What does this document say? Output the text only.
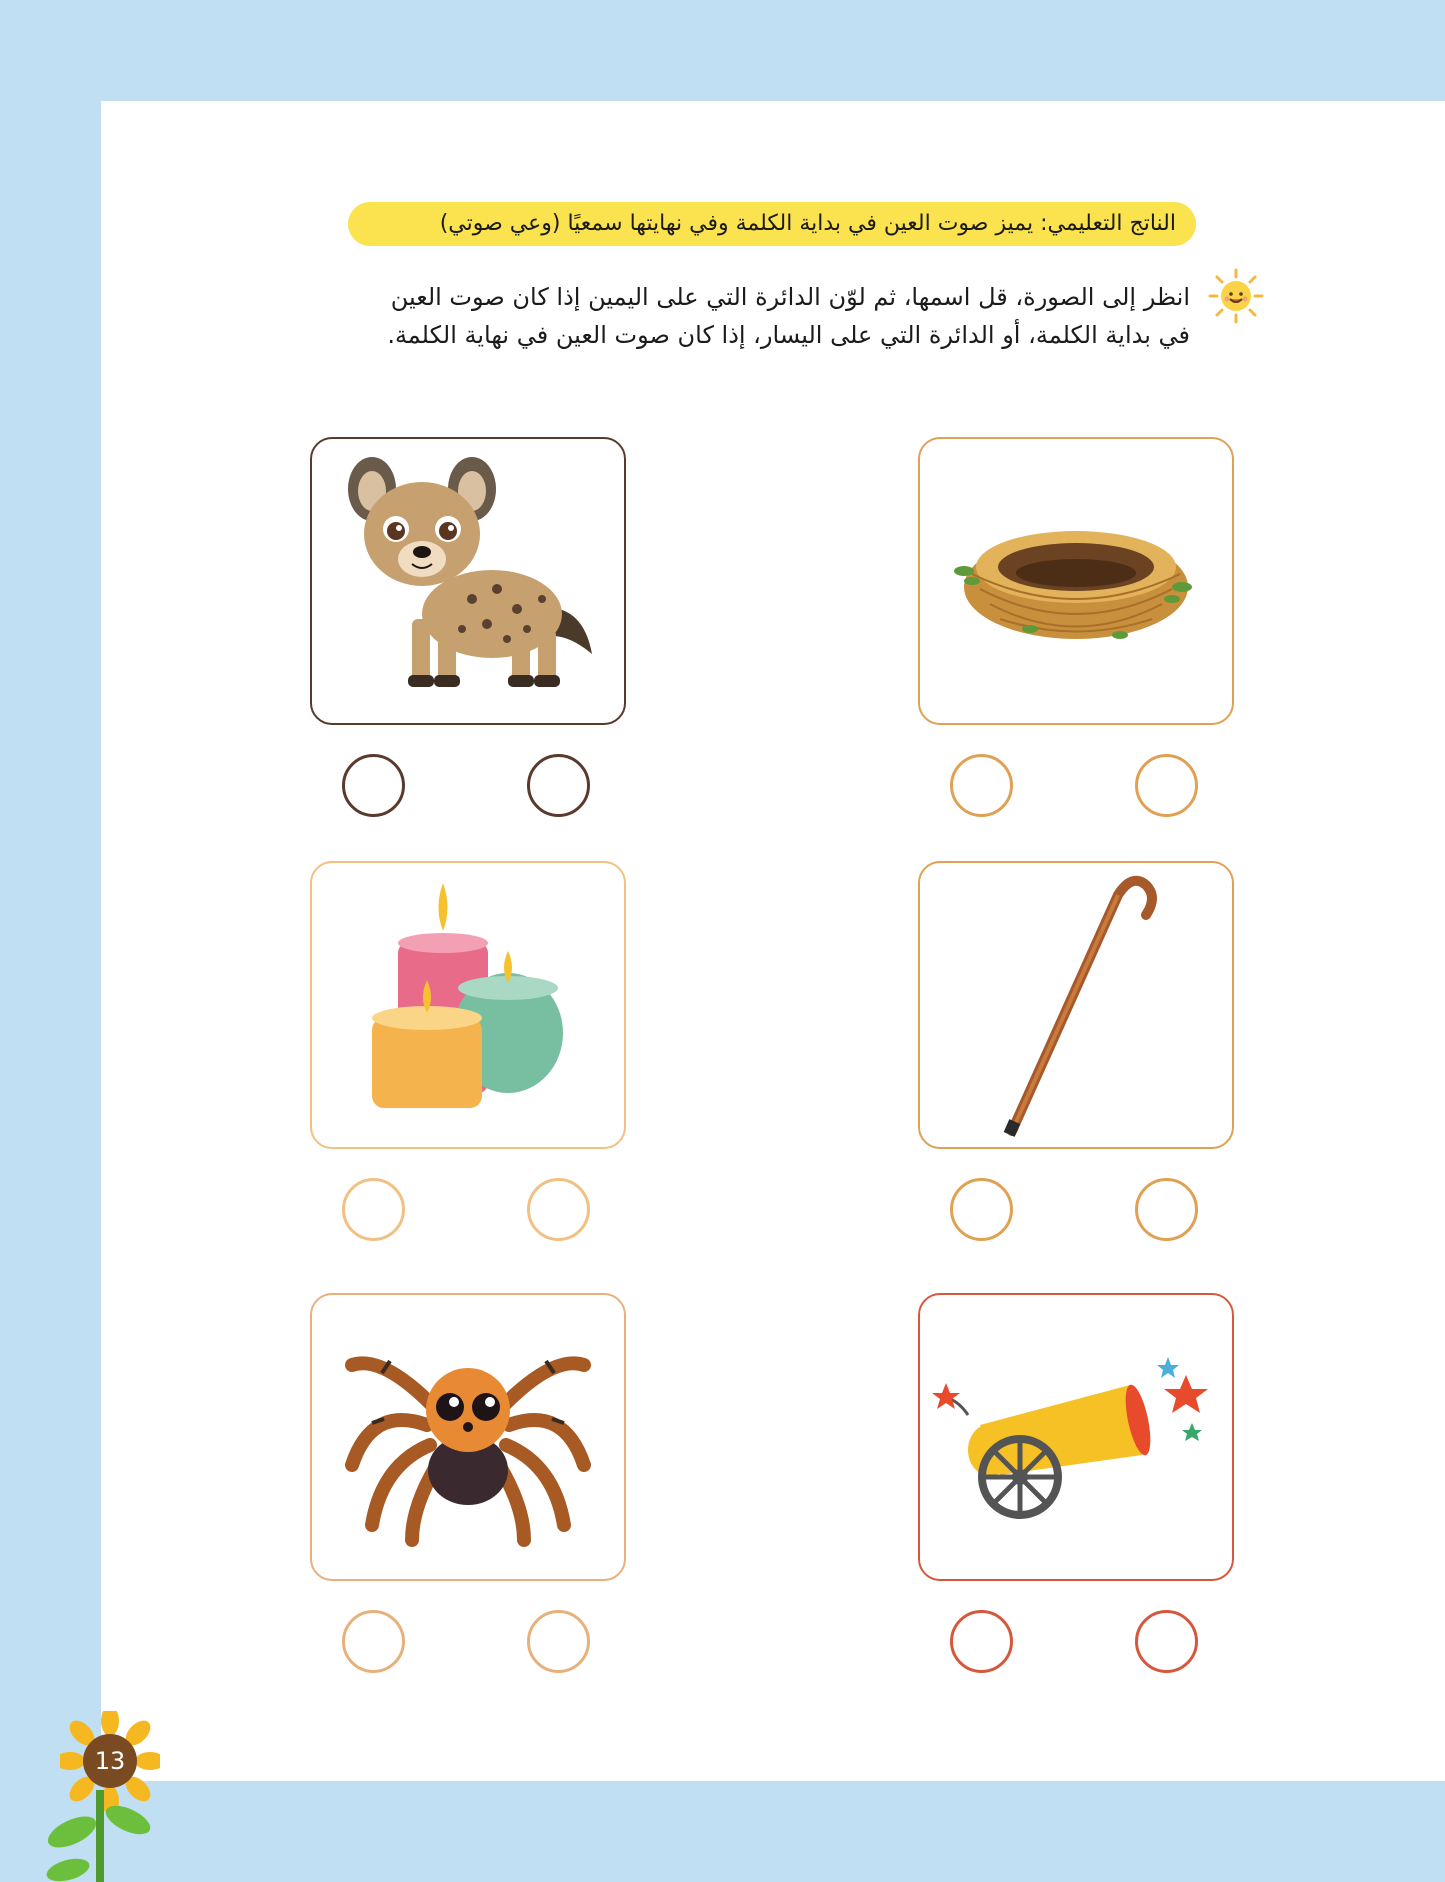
الناتج التعليمي: يميز صوت العين في بداية الكلمة وفي نهايتها سمعيًا (وعي صوتي)
انظر إلى الصورة، قل اسمها، ثم لوّن الدائرة التي على اليمين إذا كان صوت العين
في بداية الكلمة، أو الدائرة التي على اليسار، إذا كان صوت العين في نهاية الكلمة.
13
